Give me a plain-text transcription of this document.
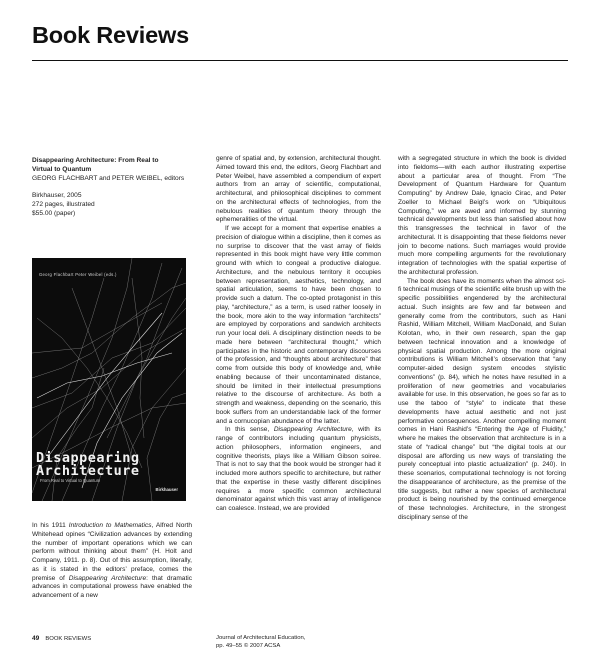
Book Reviews
Disappearing Architecture: From Real to
Virtual to Quantum
GEORG FLACHBART and PETER WEIBEL, editors
Birkhauser, 2005
272 pages, illustrated
$55.00 (paper)
Georg Flachbart Peter Weibel (eds.)
Disappearing
Architecture
From Real to Virtual to Quantum
Birkhauser

In his 1911 Introduction to Mathematics, Alfred North Whitehead opines “Civilization advances by extending the number of important operations which we can perform without thinking about them” (H. Holt and Company, 1911. p. 8). Out of this assumption, literally, as it is stated in the editors’ preface, comes the premise of Disappearing Architecture: that dramatic advances in computational prowess have enabled the advancement of a new

genre of spatial and, by extension, architectural thought. Aimed toward this end, the editors, Georg Flachbart and Peter Weibel, have assembled a compendium of expert authors from an array of scientific, computational, architectural, and philosophical disciplines to comment on the architectural effects of technologies, from the nebulous realities of quantum theory through the ephemeralities of the virtual.

If we accept for a moment that expertise enables a precision of dialogue within a discipline, then it comes as no surprise to discover that the vast array of fields represented in this book might have very little common ground with which to congeal a productive dialogue. Architecture, and the nebulous territory it occupies between representation, aesthetics, technology, and spatial articulation, seems to have been chosen to provide such a datum. The co-opted protagonist in this play, “architecture,” as a term, is used rather loosely in the book, more akin to the way information “architects” are employed by corporations and sandwich architects run your local deli. A disciplinary distinction needs to be made here between “architectural thought,” which participates in the historic and contemporary discourses of the profession, and “thoughts about architecture” that come from outside this body of knowledge and, while enabling because of their uncontaminated distance, should be limited in their intellectual presumptions relative to the discourse of architecture. As both a strength and weakness, depending on the scenario, this book suffers from an understandable lack of the former and a cornucopian abundance of the latter.

In this sense, Disappearing Architecture, with its range of contributors including quantum physicists, action philosophers, information engineers, and cognitive theorists, plays like a William Gibson soiree. That is not to say that the book would be stronger had it included more authors specific to architecture, but rather that the expertise in these vastly different disciplines requires a more specific common architectural denominator against which this vast array of intelligence can coalesce. Instead, we are provided

with a segregated structure in which the book is divided into fieldoms—with each author illustrating expertise about a particular area of thought. From “The Development of Quantum Hardware for Quantum Computing” by Andrew Dale, Ignacio Cirac, and Peter Zoeller to Michael Beigl’s work on “Ubiquitous Computing,” we are awed and informed by stunning technical developments but less than satisfied about how this transgresses the technical in favor of the architectural. It is disappointing that these fieldoms never join to become nations. Such marriages would provide much more compelling arguments for the revolutionary integration of technologies with the spatial expertise of the architectural profession.

The book does have its moments when the almost sci-fi technical musings of the scientific elite brush up with the specific possibilities engendered by the architectural actual. Such insights are few and far between and generally come from the contributors, such as Hani Rashid, William Mitchell, William MacDonald, and Sulan Kolotan, who, in their own research, span the gap between technical innovation and a knowledge of physical spatial production. Among the more original contributions is William Mitchell’s observation that “any computer-aided design system encodes stylistic conventions” (p. 84), which he notes have resulted in a proliferation of new geometries and vocabularies available for use. In this observation, he goes so far as to use the taboo of “style” to indicate that these developments have actual aesthetic and not just performative consequences. Another compelling moment comes in Hani Rashid’s “Entering the Age of Fluidity,” where he makes the observation that architecture is in a state of “radical change” but “the digital tools at our disposal are affording us new ways of translating the purely conceptual into plastic actualization” (p. 240). In these scenarios, computational technology is not forcing the disappearance of architecture, as the premise of the title suggests, but rather a new species of architectural product is being nourished by the continued emergence of these technologies. Architecture, in the strongest disciplinary sense of the

49 BOOK REVIEWS	Journal of Architectural Education,
pp. 49–55 © 2007 ACSA
